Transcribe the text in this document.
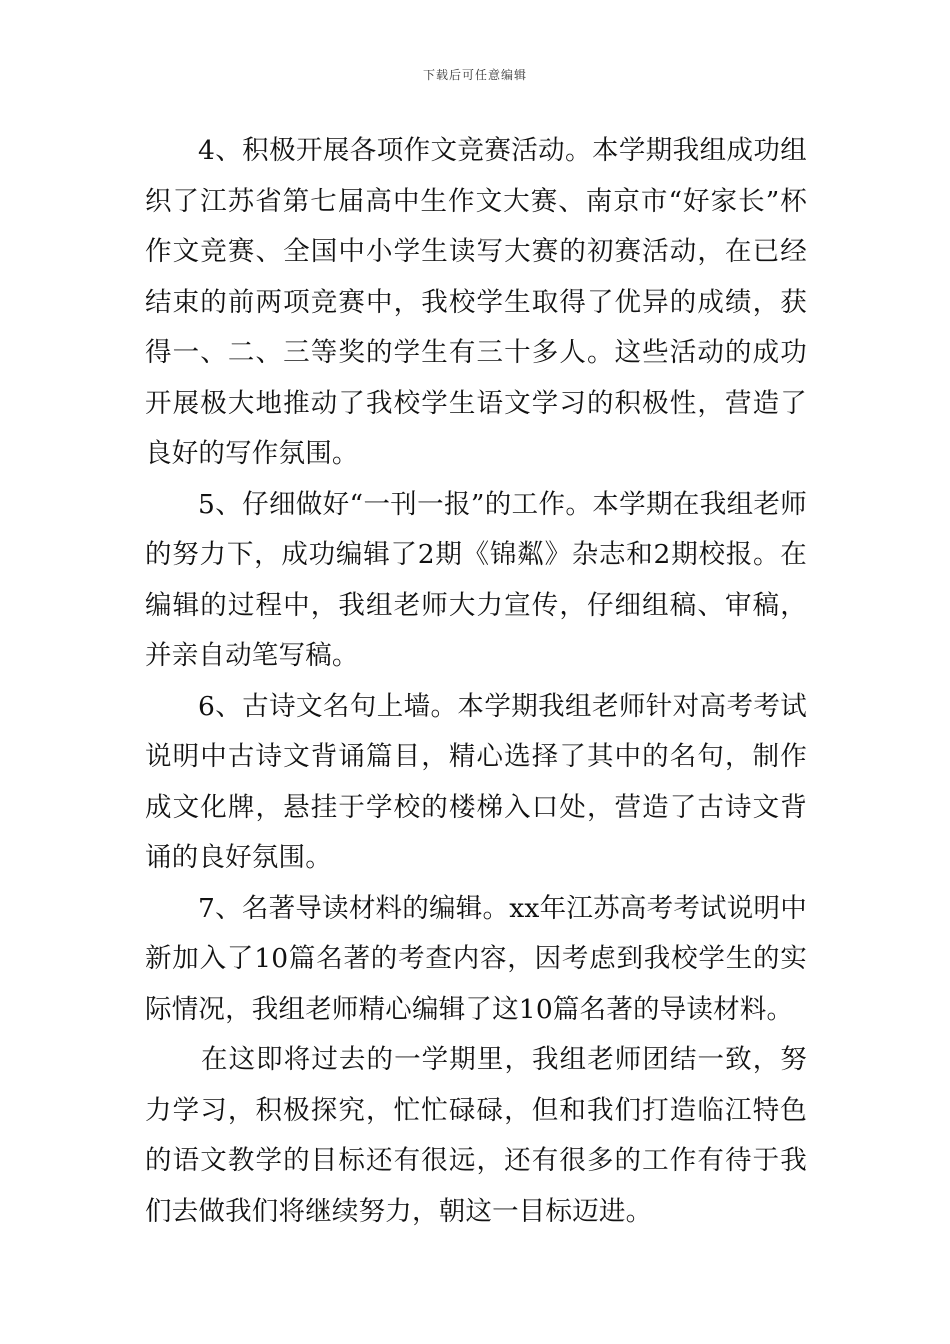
下载后可任意编辑

4、积极开展各项作文竞赛活动。本学期我组成功组织了江苏省第七届高中生作文大赛、南京市“好家长”杯作文竞赛、全国中小学生读写大赛的初赛活动，在已经结束的前两项竞赛中，我校学生取得了优异的成绩，获得一、二、三等奖的学生有三十多人。这些活动的成功开展极大地推动了我校学生语文学习的积极性，营造了良好的写作氛围。

5、仔细做好“一刊一报”的工作。本学期在我组老师的努力下，成功编辑了2期《锦粼》杂志和2期校报。在编辑的过程中，我组老师大力宣传，仔细组稿、审稿，并亲自动笔写稿。

6、古诗文名句上墙。本学期我组老师针对高考考试说明中古诗文背诵篇目，精心选择了其中的名句，制作成文化牌，悬挂于学校的楼梯入口处，营造了古诗文背诵的良好氛围。

7、名著导读材料的编辑。xx年江苏高考考试说明中新加入了10篇名著的考查内容，因考虑到我校学生的实际情况，我组老师精心编辑了这10篇名著的导读材料。

在这即将过去的一学期里，我组老师团结一致，努力学习，积极探究，忙忙碌碌，但和我们打造临江特色的语文教学的目标还有很远，还有很多的工作有待于我们去做我们将继续努力，朝这一目标迈进。
